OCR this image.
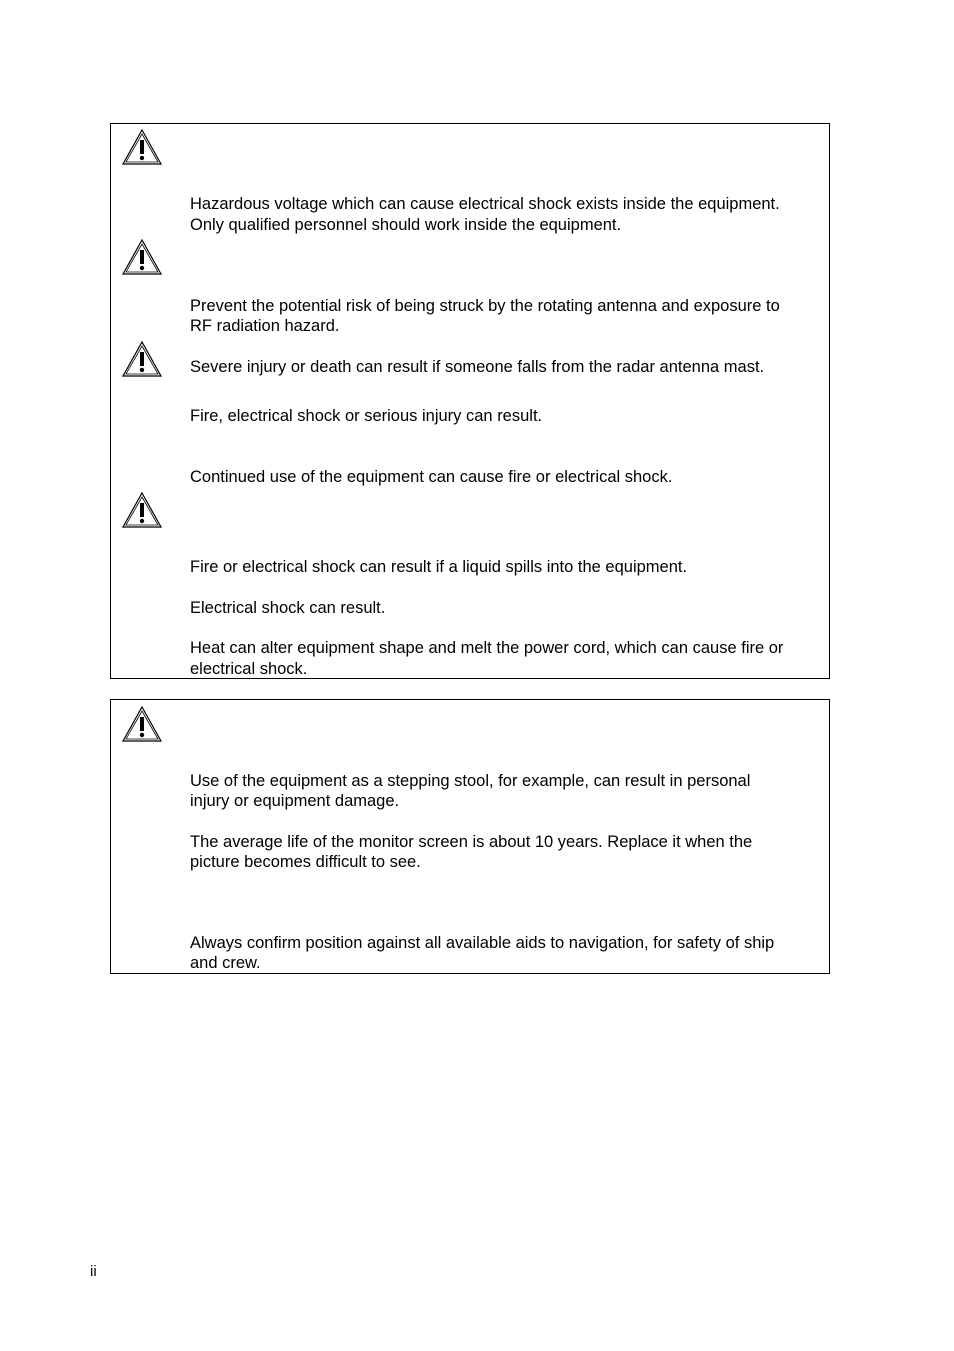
Hazardous voltage which can cause electrical shock exists inside the equipment.
Only qualified personnel should work inside the equipment.
Prevent the potential risk of being struck by the rotating antenna and exposure to
RF radiation hazard.
Severe injury or death can result if someone falls from the radar antenna mast.
Fire, electrical shock or serious injury can result.
Continued use of the equipment can cause fire or electrical shock.
Fire or electrical shock can result if a liquid spills into the equipment.
Electrical shock can result.
Heat can alter equipment shape and melt the power cord, which can cause fire or
electrical shock.
Use of the equipment as a stepping stool, for example, can result in personal
injury or equipment damage.
The average life of the monitor screen is about 10 years. Replace it when the
picture becomes difficult to see.
Always confirm position against all available aids to navigation, for safety of ship
and crew.
ii
